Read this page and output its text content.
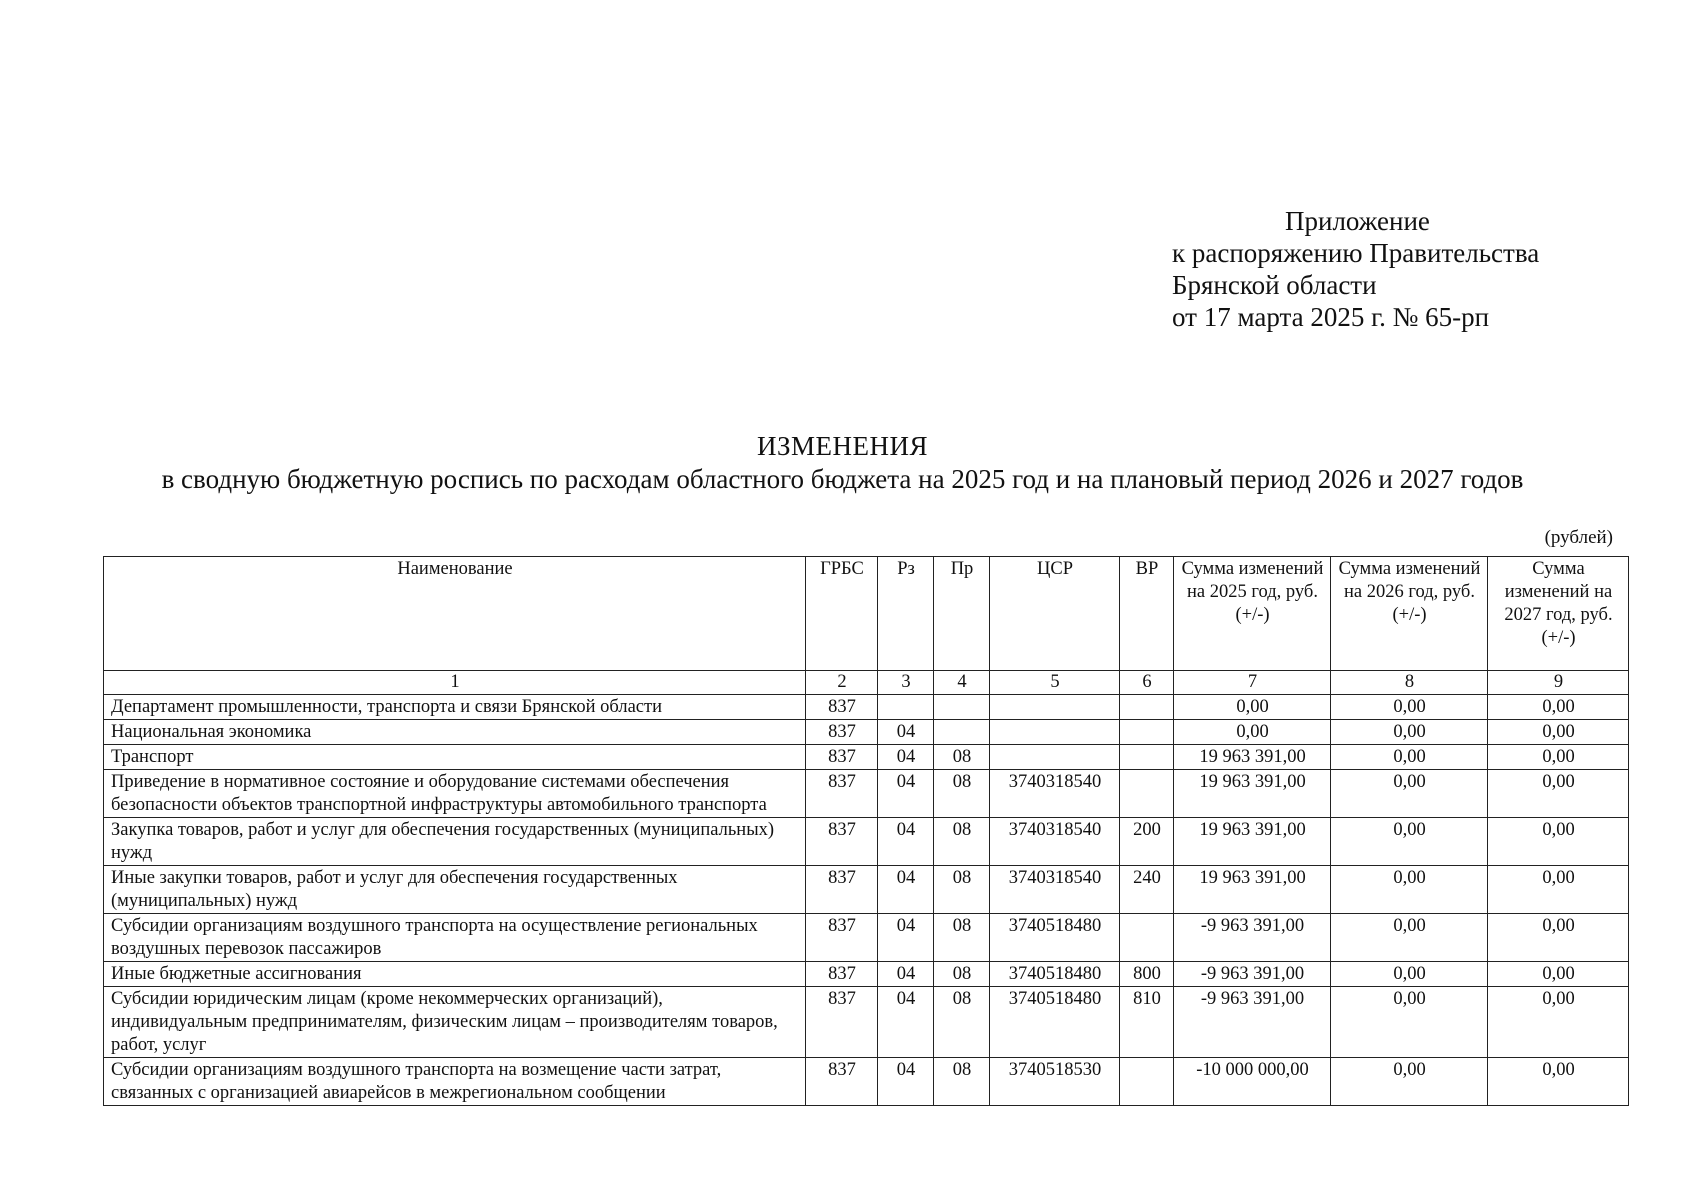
Приложение
к распоряжению Правительства
Брянской области
от 17 марта 2025 г. № 65-рп
ИЗМЕНЕНИЯ
в сводную бюджетную роспись по расходам областного бюджета на 2025 год и на плановый период 2026 и 2027 годов
(рублей)
Наименование	ГРБС	Рз	Пр	ЦСР	ВР	Сумма изменений на 2025 год, руб. (+/-)	Сумма изменений на 2026 год, руб. (+/-)	Сумма изменений на 2027 год, руб. (+/-)
1	2	3	4	5	6	7	8	9
Департамент промышленности, транспорта и связи Брянской области	837					0,00	0,00	0,00
Национальная экономика	837	04				0,00	0,00	0,00
Транспорт	837	04	08			19 963 391,00	0,00	0,00
Приведение в нормативное состояние и оборудование системами обеспечения безопасности объектов транспортной инфраструктуры автомобильного транспорта	837	04	08	3740318540		19 963 391,00	0,00	0,00
Закупка товаров, работ и услуг для обеспечения государственных (муниципальных) нужд	837	04	08	3740318540	200	19 963 391,00	0,00	0,00
Иные закупки товаров, работ и услуг для обеспечения государственных (муниципальных) нужд	837	04	08	3740318540	240	19 963 391,00	0,00	0,00
Субсидии организациям воздушного транспорта на осуществление региональных воздушных перевозок пассажиров	837	04	08	3740518480		-9 963 391,00	0,00	0,00
Иные бюджетные ассигнования	837	04	08	3740518480	800	-9 963 391,00	0,00	0,00
Субсидии юридическим лицам (кроме некоммерческих организаций), индивидуальным предпринимателям, физическим лицам – производителям товаров, работ, услуг	837	04	08	3740518480	810	-9 963 391,00	0,00	0,00
Субсидии организациям воздушного транспорта на возмещение части затрат, связанных с организацией авиарейсов в межрегиональном сообщении	837	04	08	3740518530		-10 000 000,00	0,00	0,00
